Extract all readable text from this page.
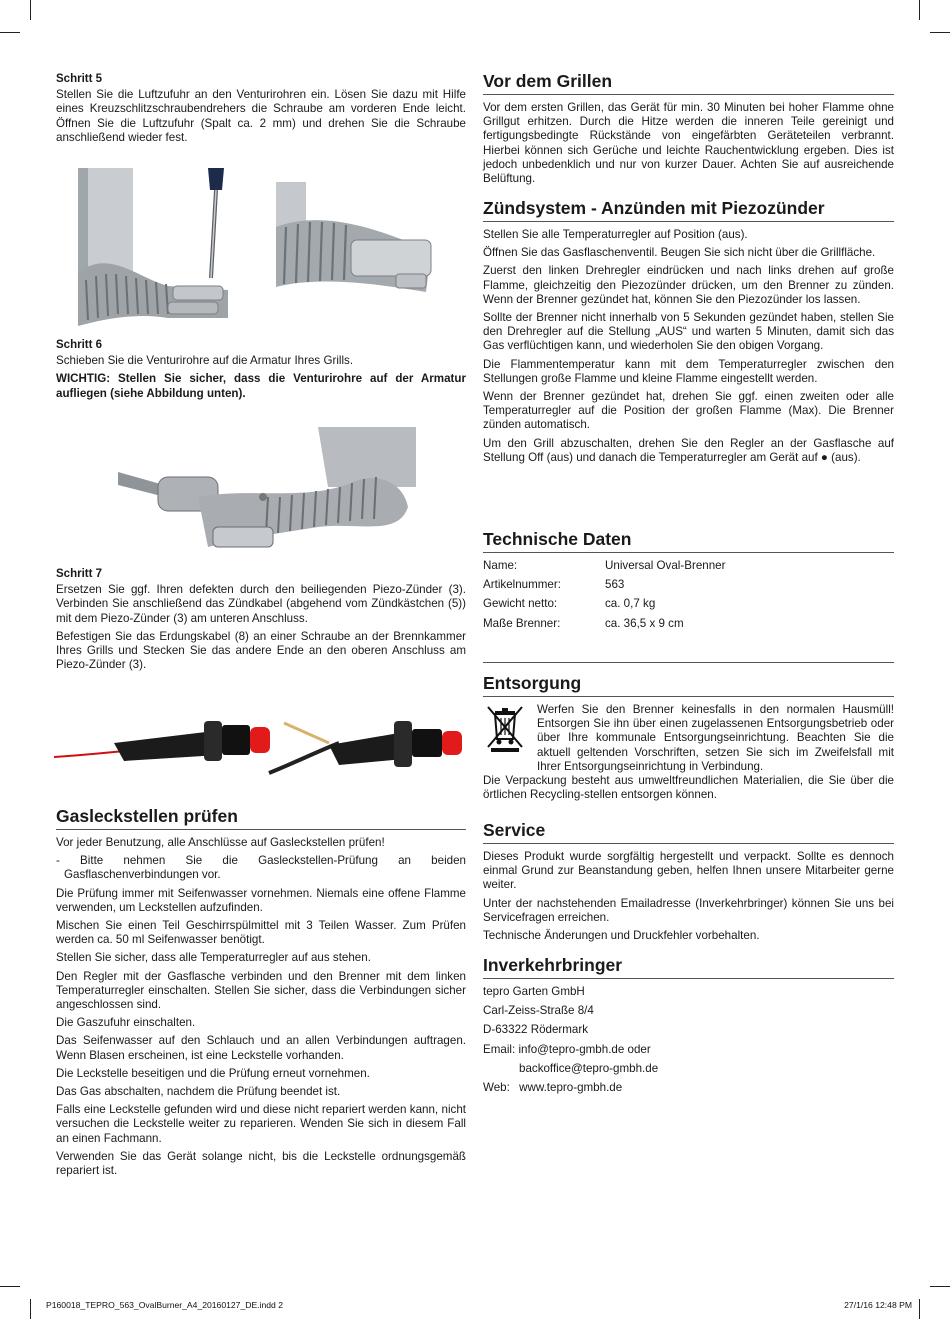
Schritt 5

Stellen Sie die Luftzufuhr an den Venturirohren ein. Lösen Sie dazu mit Hilfe eines Kreuzschlitzschraubendrehers die Schraube am vorderen Ende leicht. Öffnen Sie die Luftzufuhr (Spalt ca. 2 mm) und drehen Sie die Schraube anschließend wieder fest.

Schritt 6

Schieben Sie die Venturirohre auf die Armatur Ihres Grills.

WICHTIG: Stellen Sie sicher, dass die Venturirohre auf der Armatur aufliegen (siehe Abbildung unten).

Schritt 7

Ersetzen Sie ggf. Ihren defekten durch den beiliegenden Piezo-Zünder (3). Verbinden Sie anschließend das Zündkabel (abgehend vom Zündkästchen (5)) mit dem Piezo-Zünder (3) am unteren Anschluss.

Befestigen Sie das Erdungskabel (8) an einer Schraube an der Brennkammer Ihres Grills und Stecken Sie das andere Ende an den oberen Anschluss am Piezo-Zünder (3).

Gasleckstellen prüfen

Vor jeder Benutzung, alle Anschlüsse auf Gasleckstellen prüfen!

- Bitte nehmen Sie die Gasleckstellen-Prüfung an beiden Gasflaschenverbindungen vor.

Die Prüfung immer mit Seifenwasser vornehmen. Niemals eine offene Flamme verwenden, um Leckstellen aufzufinden.

Mischen Sie einen Teil Geschirrspülmittel mit 3 Teilen Wasser. Zum Prüfen werden ca. 50 ml Seifenwasser benötigt.

Stellen Sie sicher, dass alle Temperaturregler auf aus stehen.

Den Regler mit der Gasflasche verbinden und den Brenner mit dem linken Temperaturregler einschalten. Stellen Sie sicher, dass die Verbindungen sicher angeschlossen sind.

Die Gaszufuhr einschalten.

Das Seifenwasser auf den Schlauch und an allen Verbindungen auftragen. Wenn Blasen erscheinen, ist eine Leckstelle vorhanden.

Die Leckstelle beseitigen und die Prüfung erneut vornehmen.

Das Gas abschalten, nachdem die Prüfung beendet ist.

Falls eine Leckstelle gefunden wird und diese nicht repariert werden kann, nicht versuchen die Leckstelle weiter zu reparieren. Wenden Sie sich in diesem Fall an einen Fachmann.

Verwenden Sie das Gerät solange nicht, bis die Leckstelle ordnungsgemäß repariert ist.

Vor dem Grillen

Vor dem ersten Grillen, das Gerät für min. 30 Minuten bei hoher Flamme ohne Grillgut erhitzen. Durch die Hitze werden die inneren Teile gereinigt und fertigungsbedingte Rückstände von eingefärbten Geräteteilen verbrannt. Hierbei können sich Gerüche und leichte Rauchentwicklung ergeben. Dies ist jedoch unbedenklich und nur von kurzer Dauer. Achten Sie auf ausreichende Belüftung.

Zündsystem - Anzünden mit Piezozünder

Stellen Sie alle Temperaturregler auf Position (aus).

Öffnen Sie das Gasflaschenventil. Beugen Sie sich nicht über die Grillfläche.

Zuerst den linken Drehregler eindrücken und nach links drehen auf große Flamme, gleichzeitig den Piezozünder drücken, um den Brenner zu zünden. Wenn der Brenner gezündet hat, können Sie den Piezozünder los lassen.

Sollte der Brenner nicht innerhalb von 5 Sekunden gezündet haben, stellen Sie den Drehregler auf die Stellung „AUS“ und warten 5 Minuten, damit sich das Gas verflüchtigen kann, und wiederholen Sie den obigen Vorgang.

Die Flammentemperatur kann mit dem Temperaturregler zwischen den Stellungen große Flamme und kleine Flamme eingestellt werden.

Wenn der Brenner gezündet hat, drehen Sie ggf. einen zweiten oder alle Temperaturregler auf die Position der großen Flamme (Max). Die Brenner zünden automatisch.

Um den Grill abzuschalten, drehen Sie den Regler an der Gasflasche auf Stellung Off (aus) und danach die Temperaturregler am Gerät auf ● (aus).

Technische Daten
Name:	Universal Oval-Brenner
Artikelnummer:	563
Gewicht netto:	ca. 0,7 kg
Maße Brenner:	ca. 36,5 x 9 cm
Entsorgung

Werfen Sie den Brenner keinesfalls in den normalen Hausmüll! Entsorgen Sie ihn über einen zugelassenen Entsorgungsbetrieb oder über Ihre kommunale Entsorgungseinrichtung. Beachten Sie die aktuell geltenden Vorschriften, setzen Sie sich im Zweifelsfall mit Ihrer Entsorgungseinrichtung in Verbindung.

Die Verpackung besteht aus umweltfreundlichen Materialien, die Sie über die örtlichen Recycling-stellen entsorgen können.

Service

Dieses Produkt wurde sorgfältig hergestellt und verpackt. Sollte es dennoch einmal Grund zur Beanstandung geben, helfen Ihnen unsere Mitarbeiter gerne weiter.

Unter der nachstehenden Emailadresse (Inverkehrbringer) können Sie uns bei Servicefragen erreichen.

Technische Änderungen und Druckfehler vorbehalten.

Inverkehrbringer

tepro Garten GmbH

Carl-Zeiss-Straße 8/4

D-63322 Rödermark

Email: info@tepro-gmbh.de oder

backoffice@tepro-gmbh.de

Web: www.tepro-gmbh.de

P160018_TEPRO_563_OvalBurner_A4_20160127_DE.indd 2	27/1/16 12:48 PM
